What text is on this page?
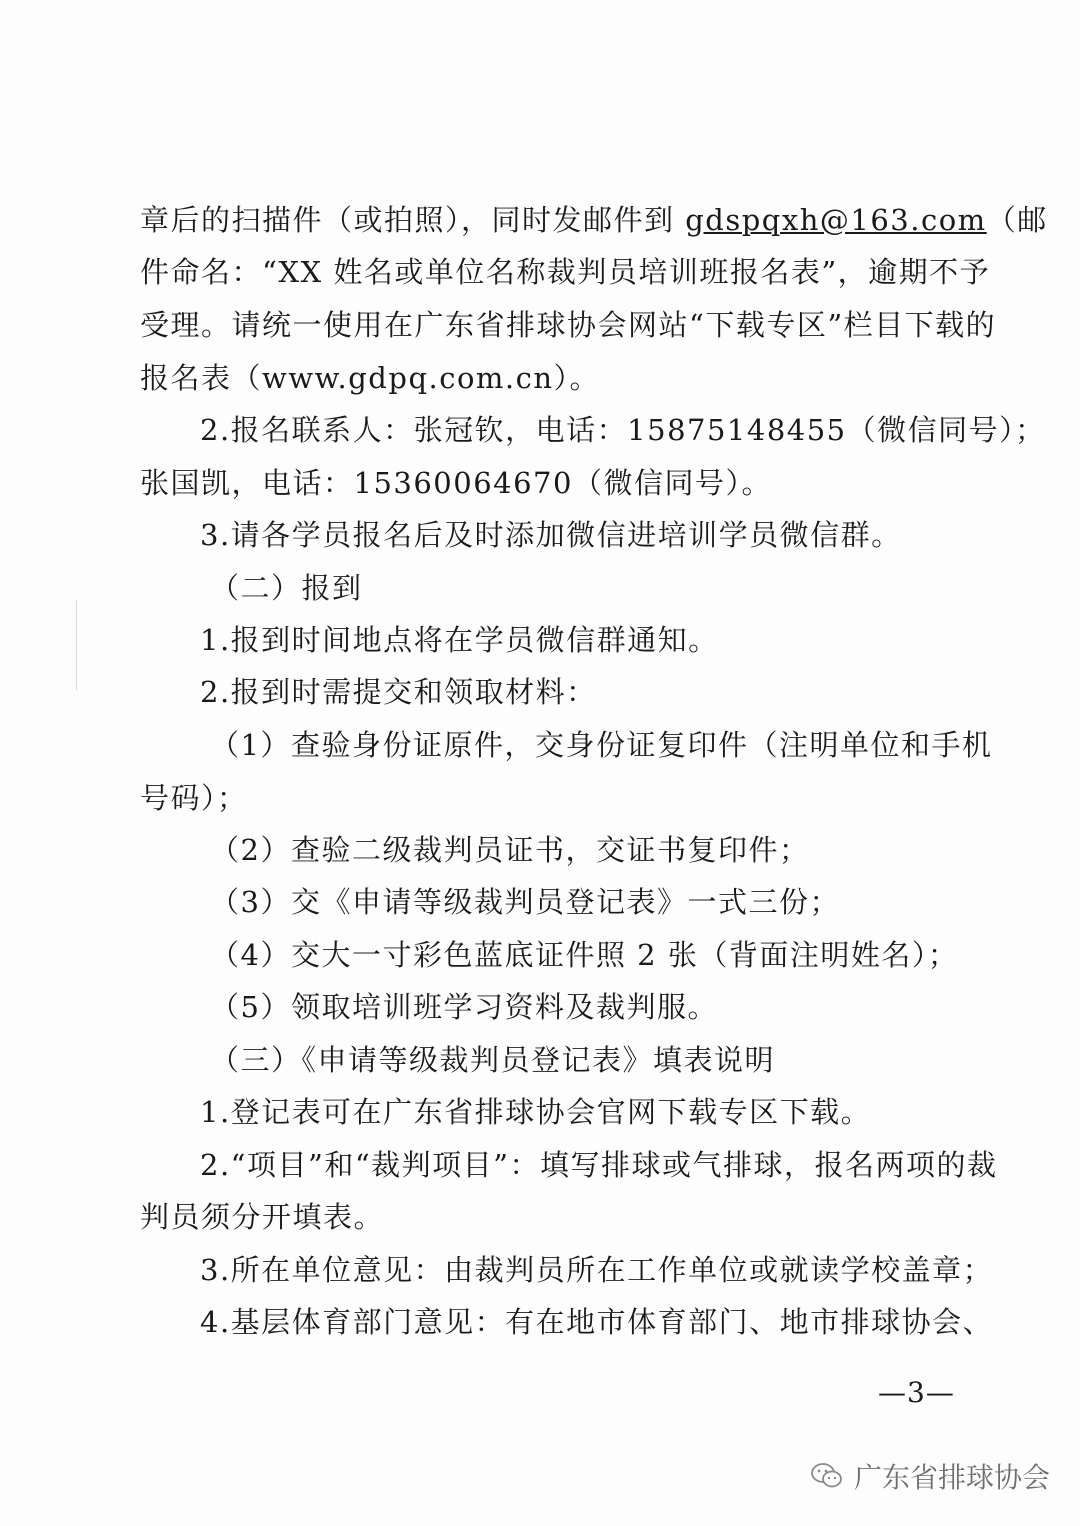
章后的扫描件（或拍照），同时发邮件到 gdspqxh@163.com（邮
件命名：“XX 姓名或单位名称裁判员培训班报名表”，逾期不予
受理。请统一使用在广东省排球协会网站“下载专区”栏目下载的
报名表（www.gdpq.com.cn）。
2.报名联系人：张冠钦，电话：15875148455（微信同号）；
张国凯，电话：15360064670（微信同号）。
3.请各学员报名后及时添加微信进培训学员微信群。
（二）报到
1.报到时间地点将在学员微信群通知。
2.报到时需提交和领取材料：
（1）查验身份证原件，交身份证复印件（注明单位和手机
号码）；
（2）查验二级裁判员证书，交证书复印件；
（3）交《申请等级裁判员登记表》一式三份；
（4）交大一寸彩色蓝底证件照 2 张（背面注明姓名）；
（5）领取培训班学习资料及裁判服。
（三）《申请等级裁判员登记表》填表说明
1.登记表可在广东省排球协会官网下载专区下载。
2.“项目”和“裁判项目”：填写排球或气排球，报名两项的裁
判员须分开填表。
3.所在单位意见：由裁判员所在工作单位或就读学校盖章；
4.基层体育部门意见：有在地市体育部门、地市排球协会、
—3—
广东省排球协会
